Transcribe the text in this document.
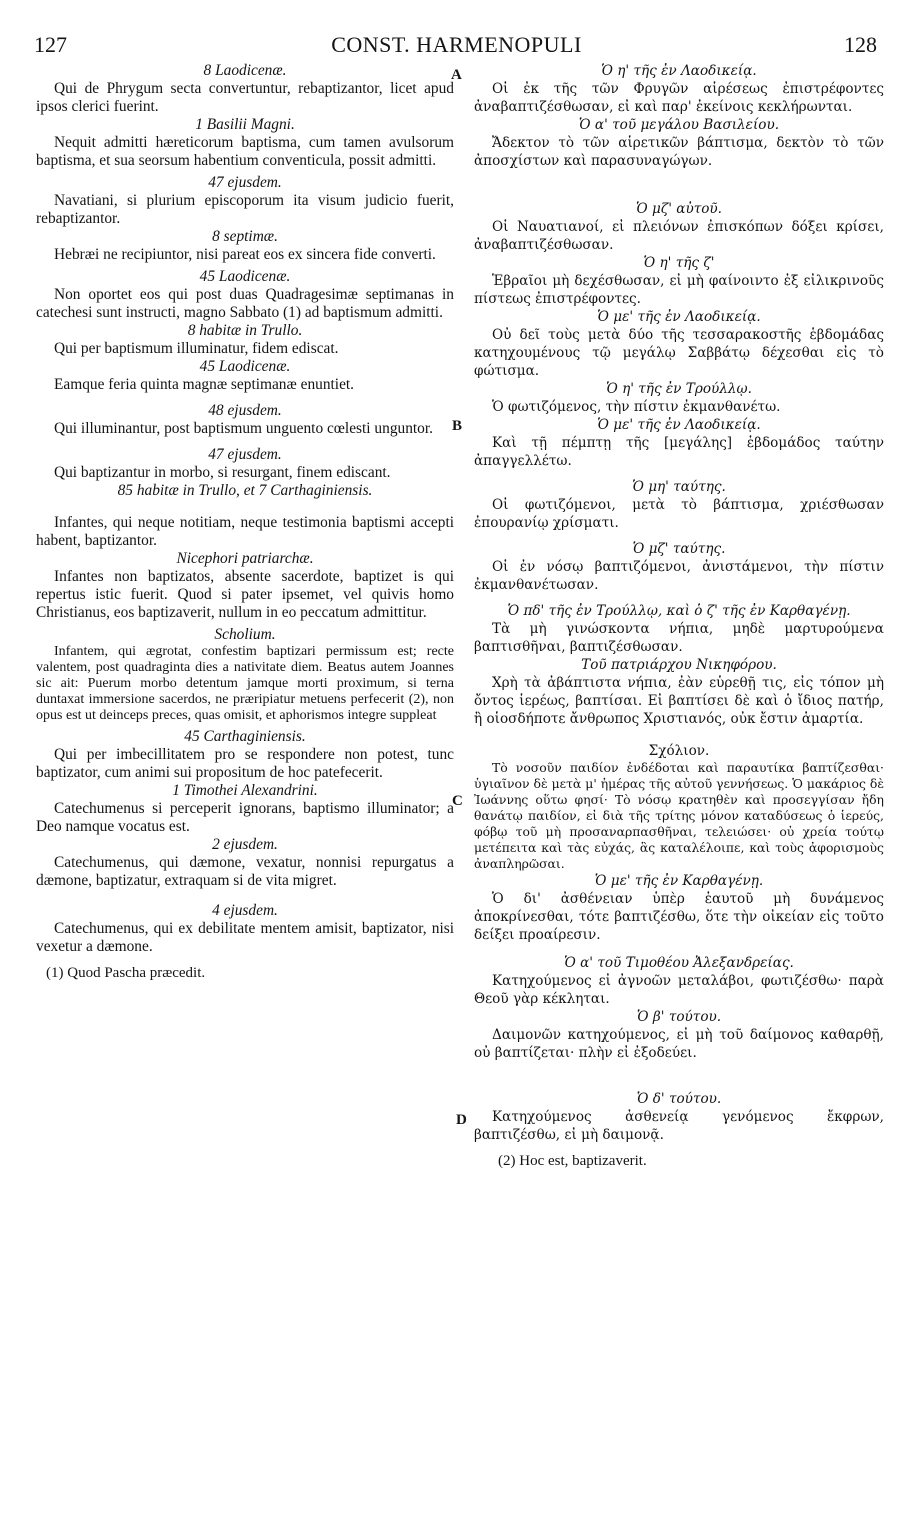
CONST. HARMENOPULI
127	128
A
B
C
D

8 Laodicenæ.

Qui de Phrygum secta convertuntur, rebaptizantor, licet apud ipsos clerici fuerint.

1 Basilii Magni.

Nequit admitti hæreticorum baptisma, cum tamen avulsorum baptisma, et sua seorsum habentium conventicula, possit admitti.

47 ejusdem.

Navatiani, si plurium episcoporum ita visum judicio fuerit, rebaptizantor.

8 septimæ.

Hebræi ne recipiuntor, nisi pareat eos ex sincera fide converti.

45 Laodicenæ.

Non oportet eos qui post duas Quadragesimæ septimanas in catechesi sunt instructi, magno Sabbato (1) ad baptismum admitti.

8 habitæ in Trullo.

Qui per baptismum illuminatur, fidem ediscat.

45 Laodicenæ.

Eamque feria quinta magnæ septimanæ enuntiet.

48 ejusdem.

Qui illuminantur, post baptismum unguento cœlesti unguntor.

47 ejusdem.

Qui baptizantur in morbo, si resurgant, finem ediscant.

85 habitæ in Trullo, et 7 Carthaginiensis.

Infantes, qui neque notitiam, neque testimonia baptismi accepti habent, baptizantor.

Nicephori patriarchæ.

Infantes non baptizatos, absente sacerdote, baptizet is qui repertus istic fuerit. Quod si pater ipsemet, vel quivis homo Christianus, eos baptizaverit, nullum in eo peccatum admittitur.

Scholium.

Infantem, qui ægrotat, confestim baptizari permissum est; recte valentem, post quadraginta dies a nativitate diem. Beatus autem Joannes sic ait: Puerum morbo detentum jamque morti proximum, si terna duntaxat immersione sacerdos, ne præripiatur metuens perfecerit (2), non opus est ut deinceps preces, quas omisit, et aphorismos integre suppleat

45 Carthaginiensis.

Qui per imbecillitatem pro se respondere non potest, tunc baptizator, cum animi sui propositum de hoc patefecerit.

1 Timothei Alexandrini.

Catechumenus si perceperit ignorans, baptismo illuminator; a Deo namque vocatus est.

2 ejusdem.

Catechumenus, qui dæmone, vexatur, nonnisi repurgatus a dæmone, baptizatur, extraquam si de vita migret.

4 ejusdem.

Catechumenus, qui ex debilitate mentem amisit, baptizator, nisi vexetur a dæmone.

(1) Quod Pascha præcedit.

Ὁ η' τῆς ἐν Λαοδικείᾳ.

Οἱ ἐκ τῆς τῶν Φρυγῶν αἱρέσεως ἐπιστρέφοντες ἀναβαπτιζέσθωσαν, εἰ καὶ παρ' ἐκείνοις κεκλήρωνται.

Ὁ α' τοῦ μεγάλου Βασιλείου.

Ἄδεκτον τὸ τῶν αἱρετικῶν βάπτισμα, δεκτὸν τὸ τῶν ἀποσχίστων καὶ παρασυναγώγων.

Ὁ μζ' αὐτοῦ.

Οἱ Ναυατιανοί, εἰ πλειόνων ἐπισκόπων δόξει κρίσει, ἀναβαπτιζέσθωσαν.

Ὁ η' τῆς ζ'

Ἑβραῖοι μὴ δεχέσθωσαν, εἰ μὴ φαίνοιντο ἐξ εἰλικρινοῦς πίστεως ἐπιστρέφοντες.

Ὁ με' τῆς ἐν Λαοδικείᾳ.

Οὐ δεῖ τοὺς μετὰ δύο τῆς τεσσαρακοστῆς ἑβδομάδας κατηχουμένους τῷ μεγάλῳ Σαββάτῳ δέχεσθαι εἰς τὸ φώτισμα.

Ὁ η' τῆς ἐν Τρούλλῳ.

Ὁ φωτιζόμενος, τὴν πίστιν ἐκμανθανέτω.

Ὁ με' τῆς ἐν Λαοδικείᾳ.

Καὶ τῇ πέμπτῃ τῆς [μεγάλης] ἑβδομάδος ταύτην ἀπαγγελλέτω.

Ὁ μη' ταύτης.

Οἱ φωτιζόμενοι, μετὰ τὸ βάπτισμα, χριέσθωσαν ἐπουρανίῳ χρίσματι.

Ὁ μζ' ταύτης.

Οἱ ἐν νόσῳ βαπτιζόμενοι, ἀνιστάμενοι, τὴν πίστιν ἐκμανθανέτωσαν.

Ὁ πδ' τῆς ἐν Τρούλλῳ, καὶ ὁ ζ' τῆς ἐν Καρθαγένῃ.

Τὰ μὴ γινώσκοντα νήπια, μηδὲ μαρτυρούμενα βαπτισθῆναι, βαπτιζέσθωσαν.

Τοῦ πατριάρχου Νικηφόρου.

Χρὴ τὰ ἀβάπτιστα νήπια, ἐὰν εὑρεθῇ τις, εἰς τόπον μὴ ὄντος ἱερέως, βαπτίσαι. Εἰ βαπτίσει δὲ καὶ ὁ ἴδιος πατήρ, ἢ οἱοσδήποτε ἄνθρωπος Χριστιανός, οὐκ ἔστιν ἁμαρτία.

Σχόλιον.

Τὸ νοσοῦν παιδίον ἐνδέδοται καὶ παραυτίκα βαπτίζεσθαι· ὑγιαῖνον δὲ μετὰ μ' ἡμέρας τῆς αὐτοῦ γεννήσεως. Ὁ μακάριος δὲ Ἰωάννης οὕτω φησί· Τὸ νόσῳ κρατηθὲν καὶ προσεγγίσαν ἤδη θανάτῳ παιδίον, εἰ διὰ τῆς τρίτης μόνον καταδύσεως ὁ ἱερεύς, φόβῳ τοῦ μὴ προσαναρπασθῆναι, τελειώσει· οὐ χρεία τούτῳ μετέπειτα καὶ τὰς εὐχάς, ἃς καταλέλοιπε, καὶ τοὺς ἀφορισμοὺς ἀναπληρῶσαι.

Ὁ με' τῆς ἐν Καρθαγένῃ.

Ὁ δι' ἀσθένειαν ὑπὲρ ἑαυτοῦ μὴ δυνάμενος ἀποκρίνεσθαι, τότε βαπτιζέσθω, ὅτε τὴν οἰκείαν εἰς τοῦτο δείξει προαίρεσιν.

Ὁ α' τοῦ Τιμοθέου Ἀλεξανδρείας.

Κατηχούμενος εἰ ἀγνοῶν μεταλάβοι, φωτιζέσθω· παρὰ Θεοῦ γὰρ κέκληται.

Ὁ β' τούτου.

Δαιμονῶν κατηχούμενος, εἰ μὴ τοῦ δαίμονος καθαρθῇ, οὐ βαπτίζεται· πλὴν εἰ ἐξοδεύει.

Ὁ δ' τούτου.

Κατηχούμενος ἀσθενείᾳ γενόμενος ἔκφρων, βαπτιζέσθω, εἰ μὴ δαιμονᾷ.

(2) Hoc est, baptizaverit.
